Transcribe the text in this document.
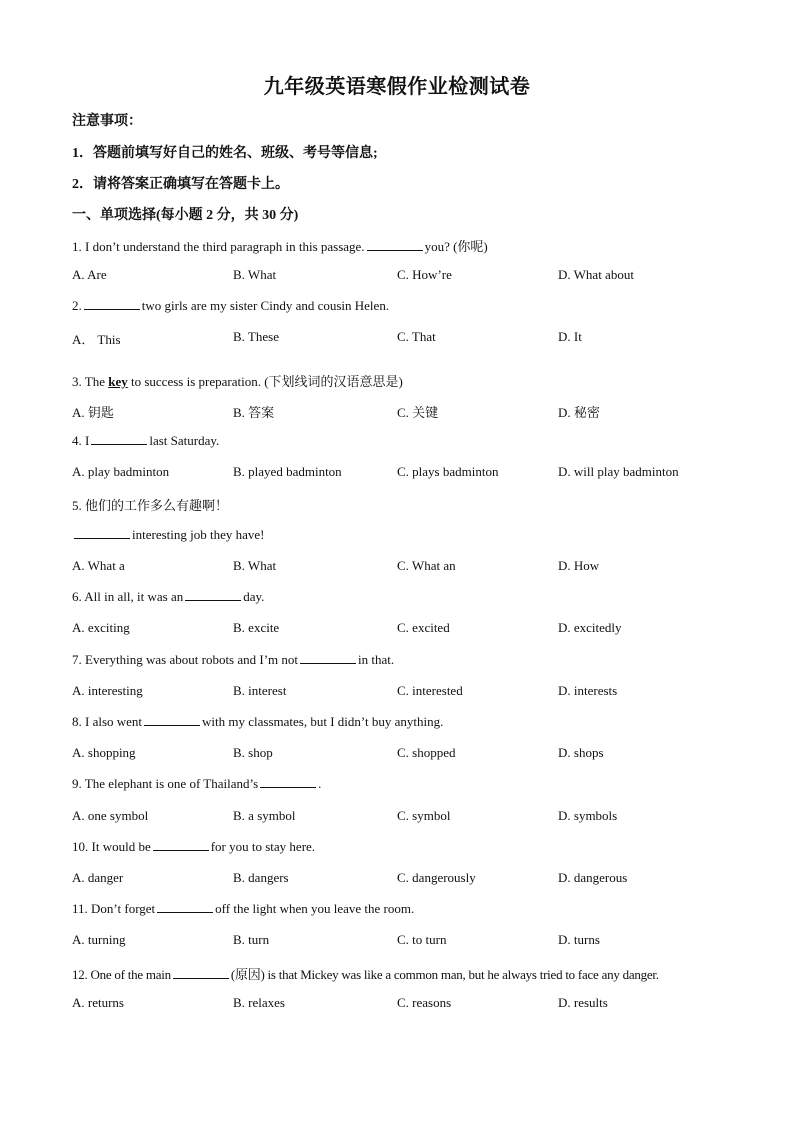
九年级英语寒假作业检测试卷
注意事项：
1．答题前填写好自己的姓名、班级、考号等信息;
2．请将答案正确填写在答题卡上。
一、单项选择(每小题 2 分，共 30 分)
1. I don’t understand the third paragraph in this passage.	you? (你呢)
A. Are	B. What	C. How’re	D. What about
2.	two girls are my sister Cindy and cousin Helen.
A． This	B. These	C. That	D. It
3. The key to success is preparation. (下划线词的汉语意思是)
A. 钥匙	B. 答案	C. 关键	D. 秘密
4. I	last Saturday.
A. play badminton	B. played badminton	C. plays badminton	D. will play badminton
5. 他们的工作多么有趣啊！
interesting job they have!
A. What a	B. What	C. What an	D. How
6. All in all, it was an	day.
A. exciting	B. excite	C. excited	D. excitedly
7. Everything was about robots and I’m not	in that.
A. interesting	B. interest	C. interested	D. interests
8. I also went	with my classmates, but I didn’t buy anything.
A. shopping	B. shop	C. shopped	D. shops
9. The elephant is one of Thailand’s	.
A. one symbol	B. a symbol	C. symbol	D. symbols
10. It would be	for you to stay here.
A. danger	B. dangers	C. dangerously	D. dangerous
11. Don’t forget	off the light when you leave the room.
A. turning	B. turn	C. to turn	D. turns
12. One of the main	(原因) is that Mickey was like a common man, but he always tried to face any danger.
A. returns	B. relaxes	C. reasons	D. results
